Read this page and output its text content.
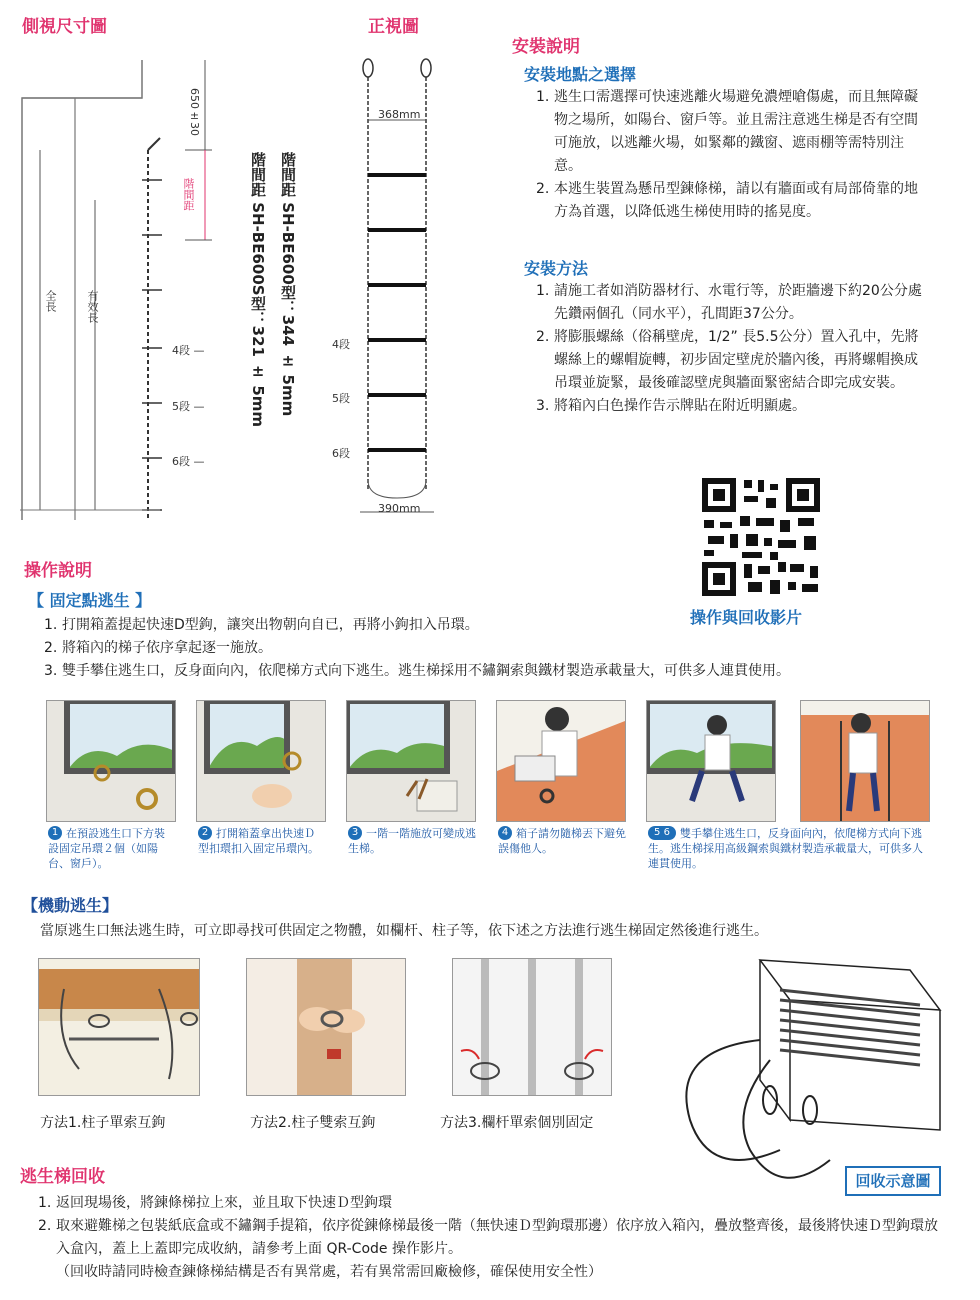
側視尺寸圖
650±30
階間距
全長	有效長
4段 —
5段 —
6段 —
階間距 SH-BE600型：344 ± 5mm
階間距 SH-BE600S型：321 ± 5mm
正視圖
368mm
390mm
4段
5段
6段
安裝說明
安裝地點之選擇
1. 逃生口需選擇可快速逃離火場避免濃煙嗆傷處，而且無障礙物之場所，如陽台、窗戶等。並且需注意逃生梯是否有空間可施放，以逃離火場，如緊鄰的鐵窗、遮雨棚等需特別注意。
2. 本逃生裝置為懸吊型鍊條梯，請以有牆面或有局部倚靠的地方為首選，以降低逃生梯使用時的搖晃度。
安裝方法
1. 請施工者如消防器材行、水電行等，於距牆邊下約20公分處先鑽兩個孔（同水平），孔間距37公分。
2. 將膨脹螺絲（俗稱壁虎，1/2” 長5.5公分）置入孔中，先將螺絲上的螺帽旋轉，初步固定壁虎於牆內後，再將螺帽換成吊環並旋緊，最後確認壁虎與牆面緊密結合即完成安裝。
3. 將箱內白色操作告示牌貼在附近明顯處。
操作與回收影片
操作說明
【 固定點逃生 】
1. 打開箱蓋提起快速D型鉤，讓突出物朝向自已，再將小鉤扣入吊環。
2. 將箱內的梯子依序拿起逐一施放。
3. 雙手攀住逃生口，反身面向內，依爬梯方式向下逃生。逃生梯採用不鏽鋼索與鐵材製造承載量大，可供多人連貫使用。
1 在預設逃生口下方裝設固定吊環２個（如陽台、窗戶）。
2 打開箱蓋拿出快速Ｄ型扣環扣入固定吊環內。
3 一階一階施放可變成逃生梯。
4 箱子請勿隨梯丟下避免誤傷他人。
5 6 雙手攀住逃生口，反身面向內，依爬梯方式向下逃生。逃生梯採用高級鋼索與鐵材製造承載量大，可供多人連貫使用。
【機動逃生】
當原逃生口無法逃生時，可立即尋找可供固定之物體，如欄杆、柱子等，依下述之方法進行逃生梯固定然後進行逃生。
方法1.柱子單索互鉤	方法2.柱子雙索互鉤	方法3.欄杆單索個別固定
回收示意圖
逃生梯回收
1. 返回現場後，將鍊條梯拉上來，並且取下快速Ｄ型鉤環
2. 取來避難梯之包裝紙底盒或不鏽鋼手提箱，依序從鍊條梯最後一階（無快速Ｄ型鉤環那邊）依序放入箱內，疊放整齊後，最後將快速Ｄ型鉤環放入盒內，蓋上上蓋即完成收納，請參考上面 QR-Code 操作影片。
（回收時請同時檢查鍊條梯結構是否有異常處，若有異常需回廠檢修，確保使用安全性）
